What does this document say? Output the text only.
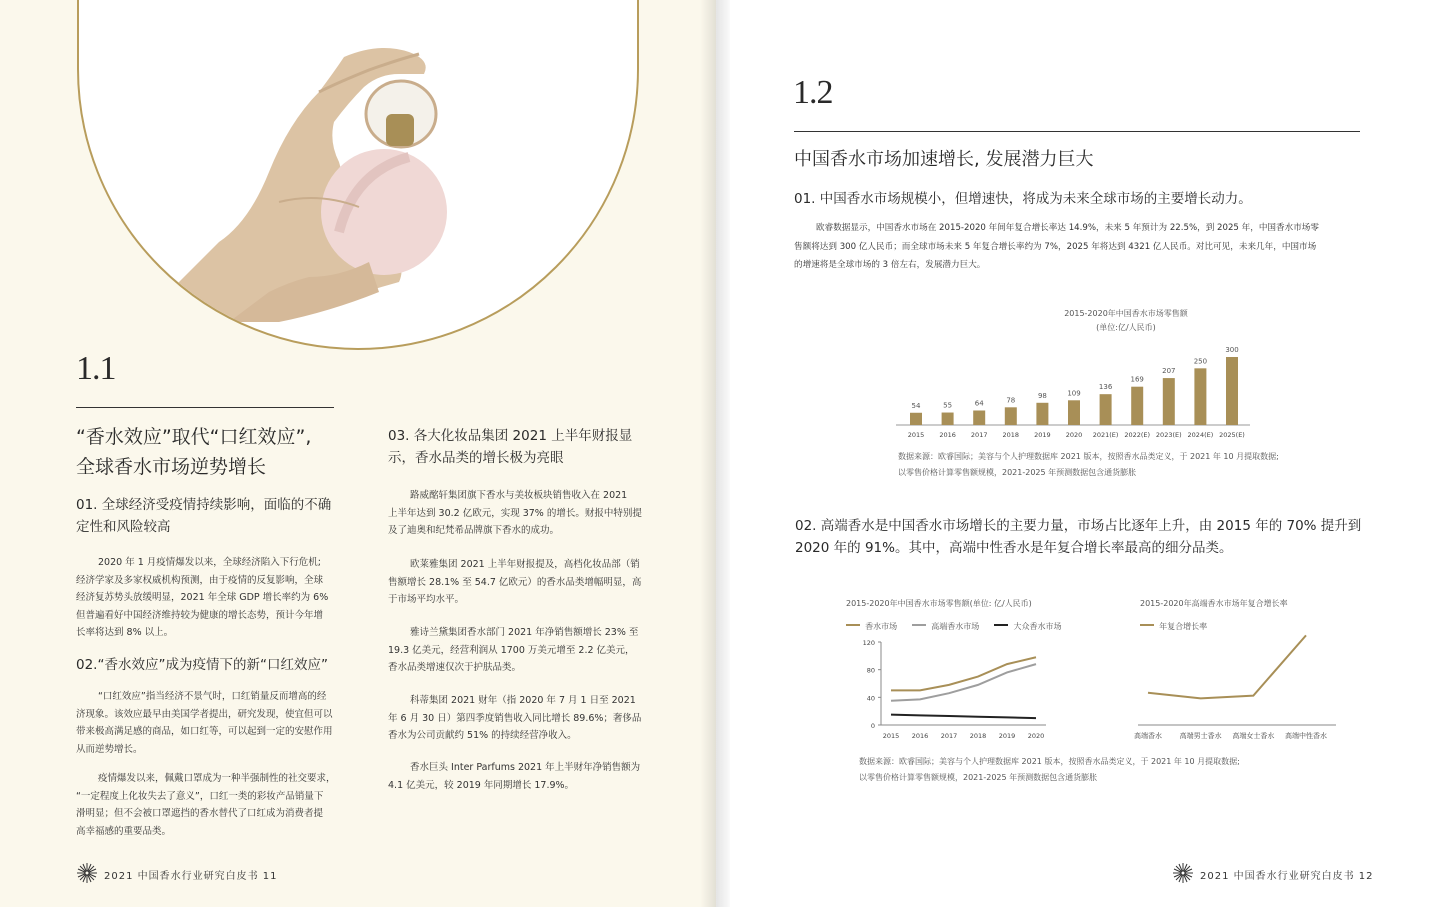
1.1
“香水效应”取代“口红效应”,
全球香水市场逆势增长
01. 全球经济受疫情持续影响，面临的不确
定性和风险较高
2020 年 1 月疫情爆发以来，全球经济陷入下行危机;
经济学家及多家权威机构预测，由于疫情的反复影响，全球
经济复苏势头放缓明显，2021 年全球 GDP 增长率约为 6%
但普遍看好中国经济维持较为健康的增长态势，预计今年增
长率将达到 8% 以上。
02.“香水效应”成为疫情下的新“口红效应”
“口红效应”指当经济不景气时，口红销量反而增高的经
济现象。该效应最早由美国学者提出，研究发现，使宜但可以
带来极高满足感的商品，如口红等，可以起到一定的安慰作用
从而逆势增长。
疫情爆发以来，佩戴口罩成为一种半强制性的社交要求，
“一定程度上化妆失去了意义”，口红一类的彩妆产品销量下
滑明显；但不会被口罩遮挡的香水替代了口红成为消费者提
高幸福感的重要品类。
03. 各大化妆品集团 2021 上半年财报显
示，香水品类的增长极为亮眼
路威酩轩集团旗下香水与美妆板块销售收入在 2021
上半年达到 30.2 亿欧元，实现 37% 的增长。财报中特别提
及了迪奥和纪梵希品牌旗下香水的成功。
欧莱雅集团 2021 上半年财报提及，高档化妆品部（销
售额增长 28.1% 至 54.7 亿欧元）的香水品类增幅明显，高
于市场平均水平。
雅诗兰黛集团香水部门 2021 年净销售额增长 23% 至
19.3 亿美元，经营利润从 1700 万美元增至 2.2 亿美元，
香水品类增速仅次于护肤品类。
科蒂集团 2021 财年（指 2020 年 7 月 1 日至 2021
年 6 月 30 日）第四季度销售收入同比增长 89.6%；奢侈品
香水为公司贡献约 51% 的持续经营净收入。
香水巨头 Inter Parfums 2021 年上半财年净销售额为
4.1 亿美元，较 2019 年同期增长 17.9%。
2021 中国香水行业研究白皮书 11
1.2
中国香水市场加速增长, 发展潜力巨大
01. 中国香水市场规模小，但增速快，将成为未来全球市场的主要增长动力。
欧睿数据显示，中国香水市场在 2015-2020 年间年复合增长率达 14.9%，未来 5 年预计为 22.5%，到 2025 年，中国香水市场零
售额将达到 300 亿人民币；而全球市场未来 5 年复合增长率约为 7%，2025 年将达到 4321 亿人民币。对比可见，未来几年，中国市场
的增速将是全球市场的 3 倍左右，发展潜力巨大。
2015-2020年中国香水市场零售额
(单位:亿/人民币)
54
2015
55
2016
64
2017
78
2018
98
2019
109
2020
136
2021(E)
169
2022(E)
207
2023(E)
250
2024(E)
300
2025(E)
数据来源：欧睿国际；美容与个人护理数据库 2021 版本，按照香水品类定义，于 2021 年 10 月提取数据;
以零售价格计算零售额规模，2021-2025 年预测数据包含通货膨胀
02. 高端香水是中国香水市场增长的主要力量，市场占比逐年上升，由 2015 年的 70% 提升到
2020 年的 91%。其中，高端中性香水是年复合增长率最高的细分品类。
2015-2020年中国香水市场零售额(单位: 亿/人民币)
香水市场	高端香水市场	大众香水市场
120
80
40
0
2015 2016 2017 2018 2019 2020
2015-2020年高端香水市场年复合增长率
年复合增长率
高端香水	高端男士香水 高端女士香水 高端中性香水
数据来源：欧睿国际；美容与个人护理数据库 2021 版本，按照香水品类定义，于 2021 年 10 月提取数据;
以零售价格计算零售额规模，2021-2025 年预测数据包含通货膨胀
2021 中国香水行业研究白皮书 12
